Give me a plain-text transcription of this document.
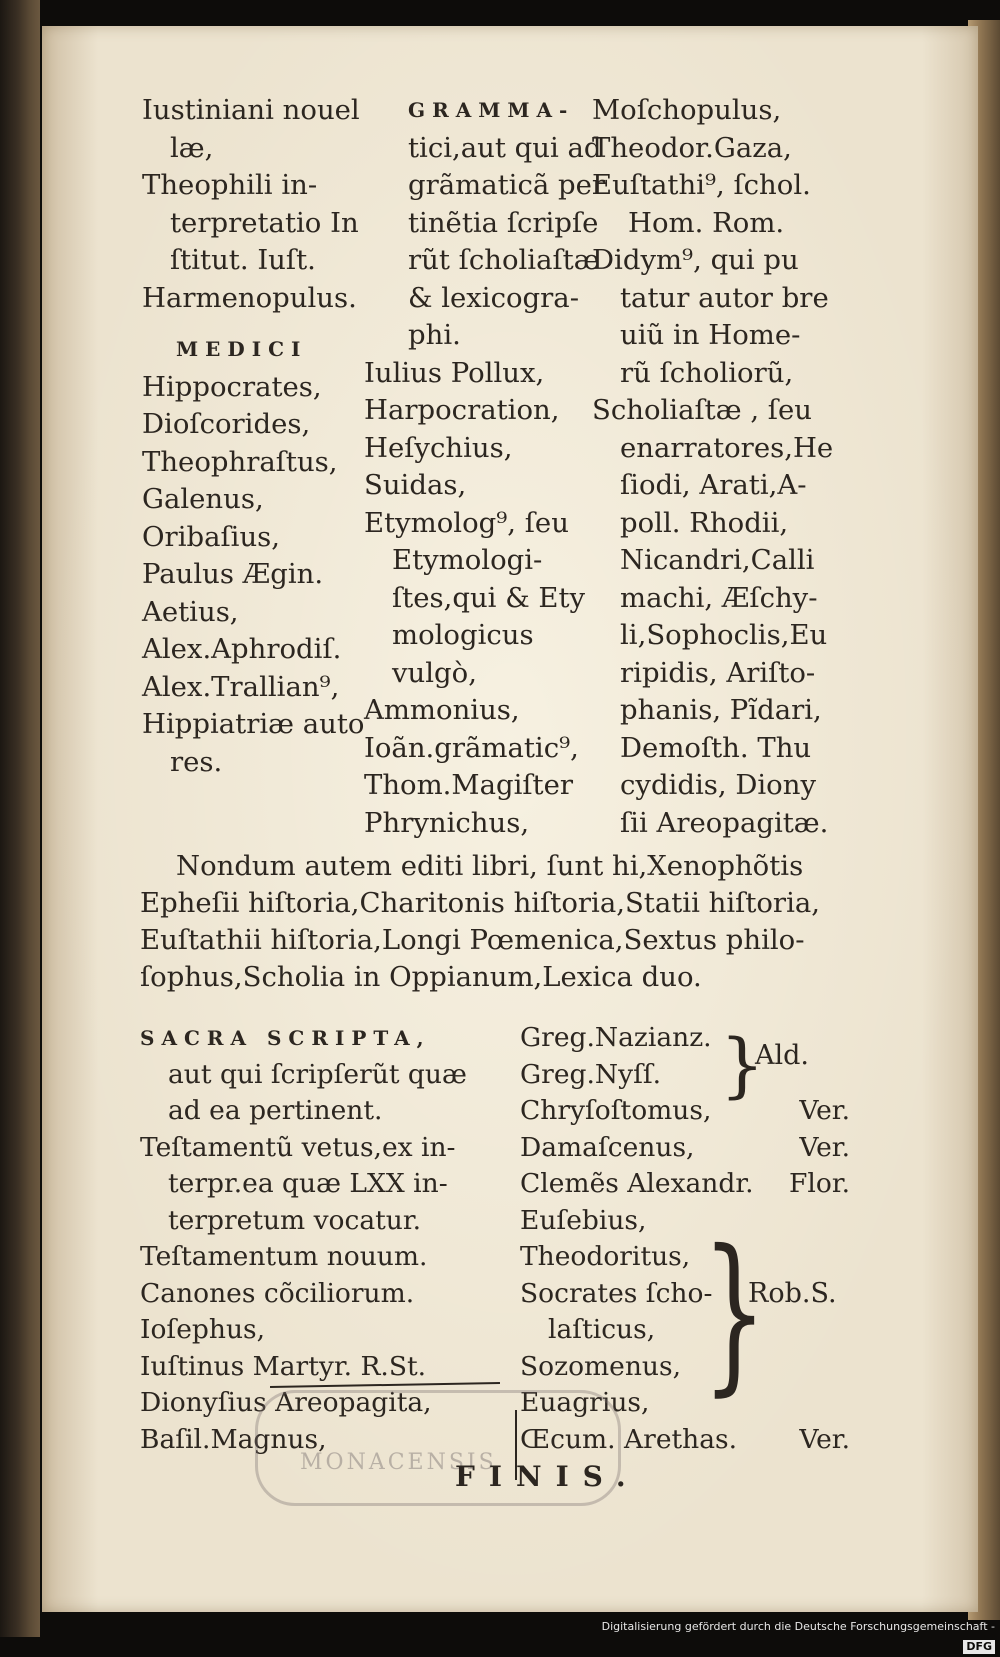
Iustiniani nouel
læ,
Theophili in-
terpretatio In
ſtitut. Iuſt.
Harmenopulus.
MEDICI
Hippocrates,
Dioſcorides,
Theophraſtus,
Galenus,
Oribaſius,
Paulus Ægin.
Aetius,
Alex.Aphrodiſ.
Alex.Trallian⁹,
Hippiatriæ auto
res.
GRAMMA-
tici,aut qui ad
grãmaticã per
tinẽtia ſcripſe
rũt ſcholiaſtæ
& lexicogra-
phi.
Iulius Pollux,
Harpocration,
Heſychius,
Suidas,
Etymolog⁹, ſeu
Etymologi-
ſtes,qui & Ety
mologicus
vulgò,
Ammonius,
Ioãn.grãmatic⁹,
Thom.Magiſter
Phrynichus,
Moſchopulus,
Theodor.Gaza,
Euſtathi⁹, ſchol.
Hom. Rom.
Didym⁹, qui pu
tatur autor bre
uiũ in Home-
rũ ſcholiorũ,
Scholiaſtæ , ſeu
enarratores,He
ſiodi, Arati,A-
poll. Rhodii,
Nicandri,Calli
machi, Æſchy-
li,Sophoclis,Eu
ripidis, Ariſto-
phanis, Pĩdari,
Demoſth. Thu
cydidis, Diony
ſii Areopagitæ.
Nondum autem editi libri, ſunt hi,Xenophõtis
Epheſii hiſtoria,Charitonis hiſtoria,Statii hiſtoria,
Euſtathii hiſtoria,Longi Pœmenica,Sextus philo-
ſophus,Scholia in Oppianum,Lexica duo.
SACRA SCRIPTA,
aut qui ſcripſerũt quæ
ad ea pertinent.
Teſtamentũ vetus,ex in-
terpr.ea quæ LXX in-
terpretum vocatur.
Teſtamentum nouum.
Canones cõciliorum.
Ioſephus,
Iuſtinus Martyr. R.St.
Dionyſius Areopagita,
Baſil.Magnus,
Greg.Nazianz.
Greg.Nyſſ.
Chryſoſtomus,	Ver.
Damaſcenus,	Ver.
Clemẽs Alexandr. Flor.
Euſebius,
Theodoritus,
Socrates ſcho-
laſticus,
Sozomenus,
Euagrius,
Œcum. Arethas. Ver.
}
Ald.
}
Rob.S.
MONACENSIS
FINIS.
Digitalisierung gefördert durch die Deutsche Forschungsgemeinschaft -DFG
